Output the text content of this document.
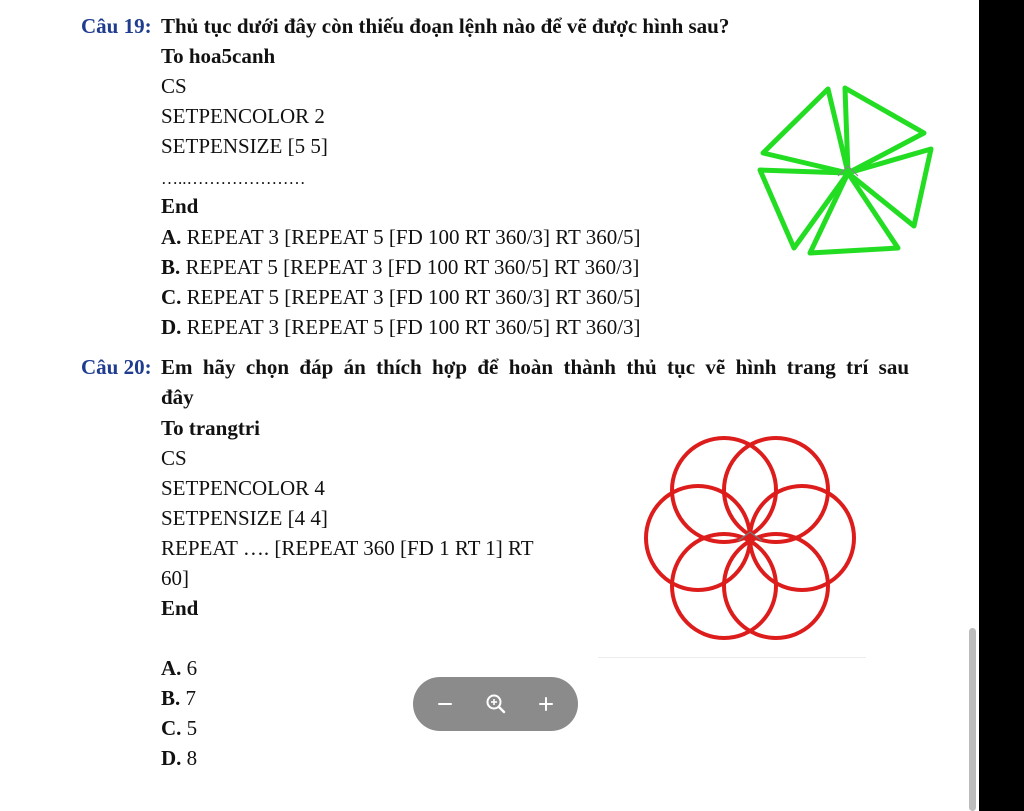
Câu 19: Thủ tục dưới đây còn thiếu đoạn lệnh nào để vẽ được hình sau?
To hoa5canh
CS
SETPENCOLOR 2
SETPENSIZE [5 5]
…..…………………
End
A. REPEAT 3 [REPEAT 5 [FD 100 RT 360/3] RT 360/5]
B. REPEAT 5 [REPEAT 3 [FD 100 RT 360/5] RT 360/3]
C. REPEAT 5 [REPEAT 3 [FD 100 RT 360/3] RT 360/5]
D. REPEAT 3 [REPEAT 5 [FD 100 RT 360/5] RT 360/3]
Câu 20: Em hãy chọn đáp án thích hợp để hoàn thành thủ tục vẽ hình trang trí sau
đây
To trangtri
CS
SETPENCOLOR 4
SETPENSIZE [4 4]
REPEAT …. [REPEAT 360 [FD 1 RT 1] RT
60]
End
A. 6
B. 7
C. 5
D. 8
